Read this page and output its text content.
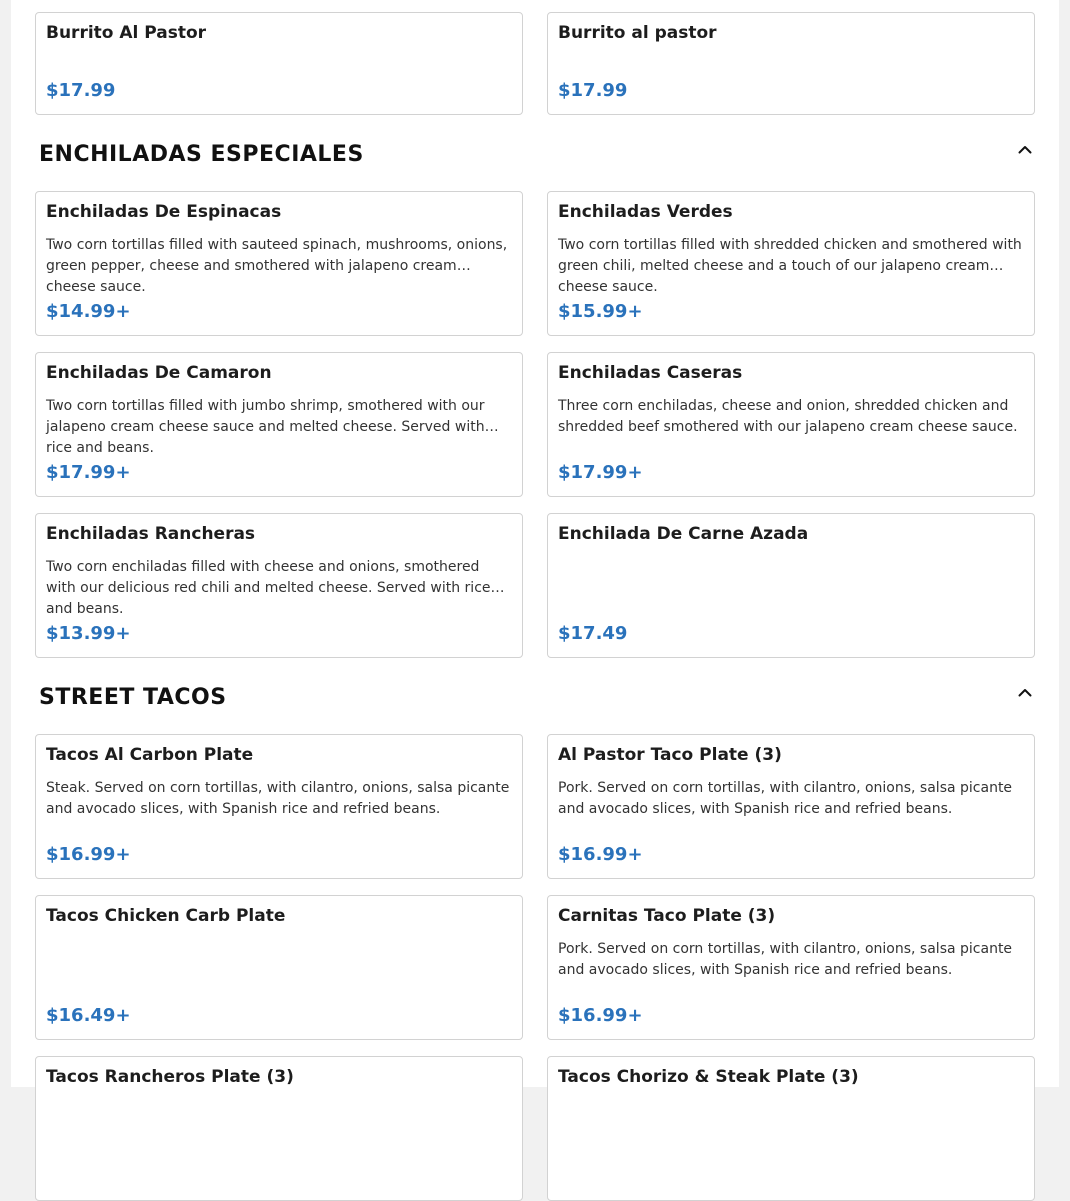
Burrito Al Pastor
$17.99
Burrito al pastor
$17.99
ENCHILADAS ESPECIALES
Enchiladas De Espinacas
Two corn tortillas filled with sauteed spinach, mushrooms, onions, green pepper, cheese and smothered with jalapeno cream cheese sauce.
$14.99+
Enchiladas Verdes
Two corn tortillas filled with shredded chicken and smothered with green chili, melted cheese and a touch of our jalapeno cream cheese sauce.
$15.99+
Enchiladas De Camaron
Two corn tortillas filled with jumbo shrimp, smothered with our jalapeno cream cheese sauce and melted cheese. Served with rice and beans.
$17.99+
Enchiladas Caseras
Three corn enchiladas, cheese and onion, shredded chicken and shredded beef smothered with our jalapeno cream cheese sauce.
$17.99+
Enchiladas Rancheras
Two corn enchiladas filled with cheese and onions, smothered with our delicious red chili and melted cheese. Served with rice and beans.
$13.99+
Enchilada De Carne Azada
$17.49
STREET TACOS
Tacos Al Carbon Plate
Steak. Served on corn tortillas, with cilantro, onions, salsa picante and avocado slices, with Spanish rice and refried beans.
$16.99+
Al Pastor Taco Plate (3)
Pork. Served on corn tortillas, with cilantro, onions, salsa picante and avocado slices, with Spanish rice and refried beans.
$16.99+
Tacos Chicken Carb Plate
$16.49+
Carnitas Taco Plate (3)
Pork. Served on corn tortillas, with cilantro, onions, salsa picante and avocado slices, with Spanish rice and refried beans.
$16.99+
Tacos Rancheros Plate (3)	Tacos Chorizo & Steak Plate (3)
